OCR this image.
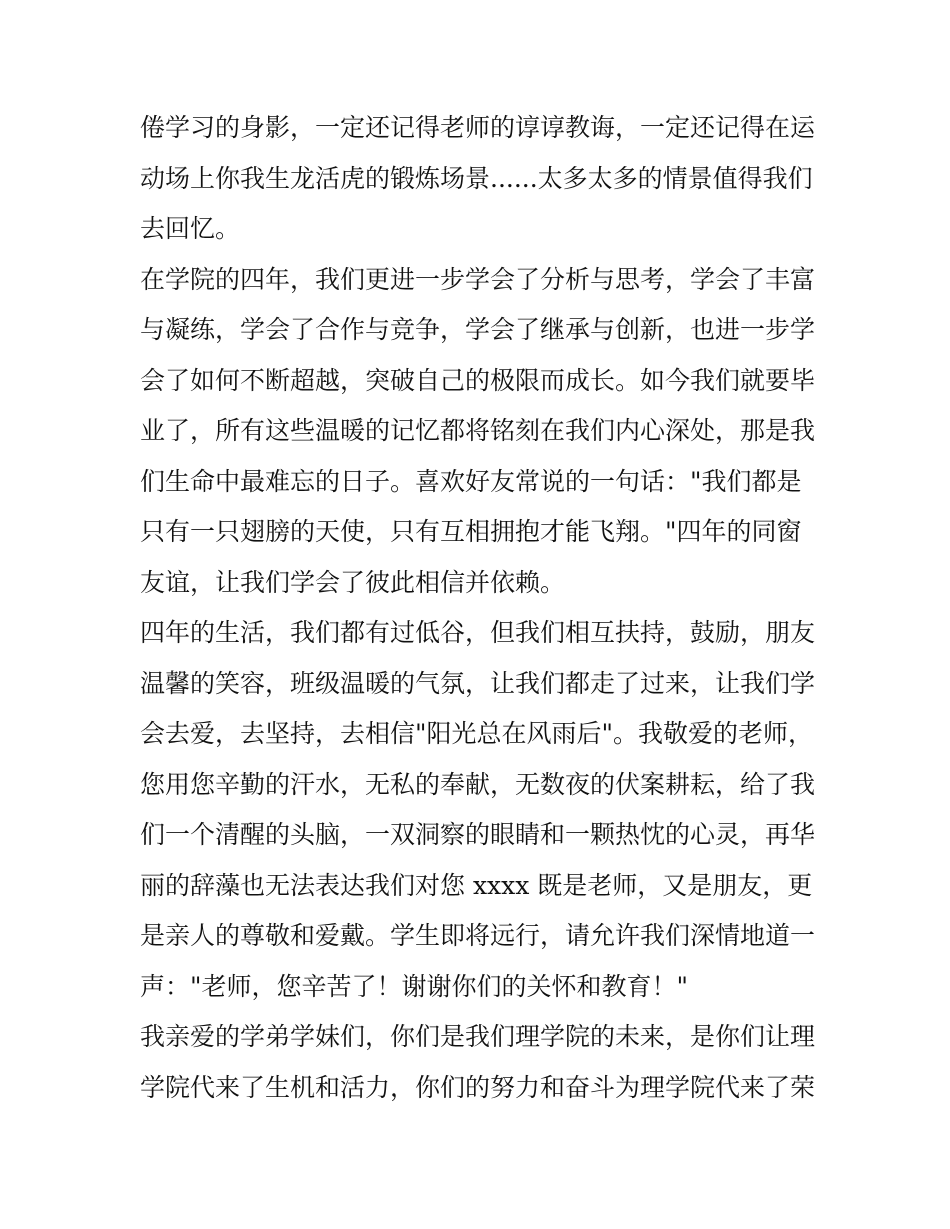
倦学习的身影，一定还记得老师的谆谆教诲，一定还记得在运
动场上你我生龙活虎的锻炼场景......太多太多的情景值得我们
去回忆。
在学院的四年，我们更进一步学会了分析与思考，学会了丰富
与凝练，学会了合作与竞争，学会了继承与创新，也进一步学
会了如何不断超越，突破自己的极限而成长。如今我们就要毕
业了，所有这些温暖的记忆都将铭刻在我们内心深处，那是我
们生命中最难忘的日子。喜欢好友常说的一句话："我们都是
只有一只翅膀的天使，只有互相拥抱才能飞翔。"四年的同窗
友谊，让我们学会了彼此相信并依赖。
四年的生活，我们都有过低谷，但我们相互扶持，鼓励，朋友
温馨的笑容，班级温暖的气氛，让我们都走了过来，让我们学
会去爱，去坚持，去相信"阳光总在风雨后"。我敬爱的老师，
您用您辛勤的汗水，无私的奉献，无数夜的伏案耕耘，给了我
们一个清醒的头脑，一双洞察的眼睛和一颗热忱的心灵，再华
丽的辞藻也无法表达我们对您 xxxx 既是老师，又是朋友，更
是亲人的尊敬和爱戴。学生即将远行，请允许我们深情地道一
声："老师，您辛苦了！谢谢你们的关怀和教育！"
我亲爱的学弟学妹们，你们是我们理学院的未来，是你们让理
学院代来了生机和活力，你们的努力和奋斗为理学院代来了荣
